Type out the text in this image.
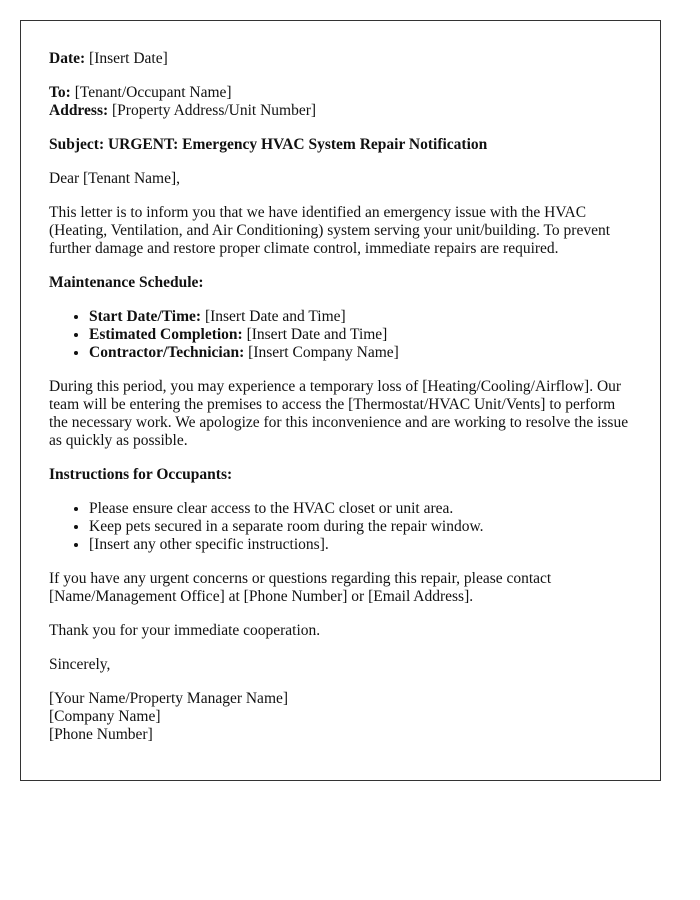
Date: [Insert Date]

To: [Tenant/Occupant Name]
Address: [Property Address/Unit Number]

Subject: URGENT: Emergency HVAC System Repair Notification

Dear [Tenant Name],

This letter is to inform you that we have identified an emergency issue with the HVAC (Heating, Ventilation, and Air Conditioning) system serving your unit/building. To prevent further damage and restore proper climate control, immediate repairs are required.

Maintenance Schedule:

• Start Date/Time: [Insert Date and Time]
• Estimated Completion: [Insert Date and Time]
• Contractor/Technician: [Insert Company Name]

During this period, you may experience a temporary loss of [Heating/Cooling/Airflow]. Our team will be entering the premises to access the [Thermostat/HVAC Unit/Vents] to perform the necessary work. We apologize for this inconvenience and are working to resolve the issue as quickly as possible.

Instructions for Occupants:

• Please ensure clear access to the HVAC closet or unit area.
• Keep pets secured in a separate room during the repair window.
• [Insert any other specific instructions].

If you have any urgent concerns or questions regarding this repair, please contact [Name/Management Office] at [Phone Number] or [Email Address].

Thank you for your immediate cooperation.

Sincerely,

[Your Name/Property Manager Name]
[Company Name]
[Phone Number]
